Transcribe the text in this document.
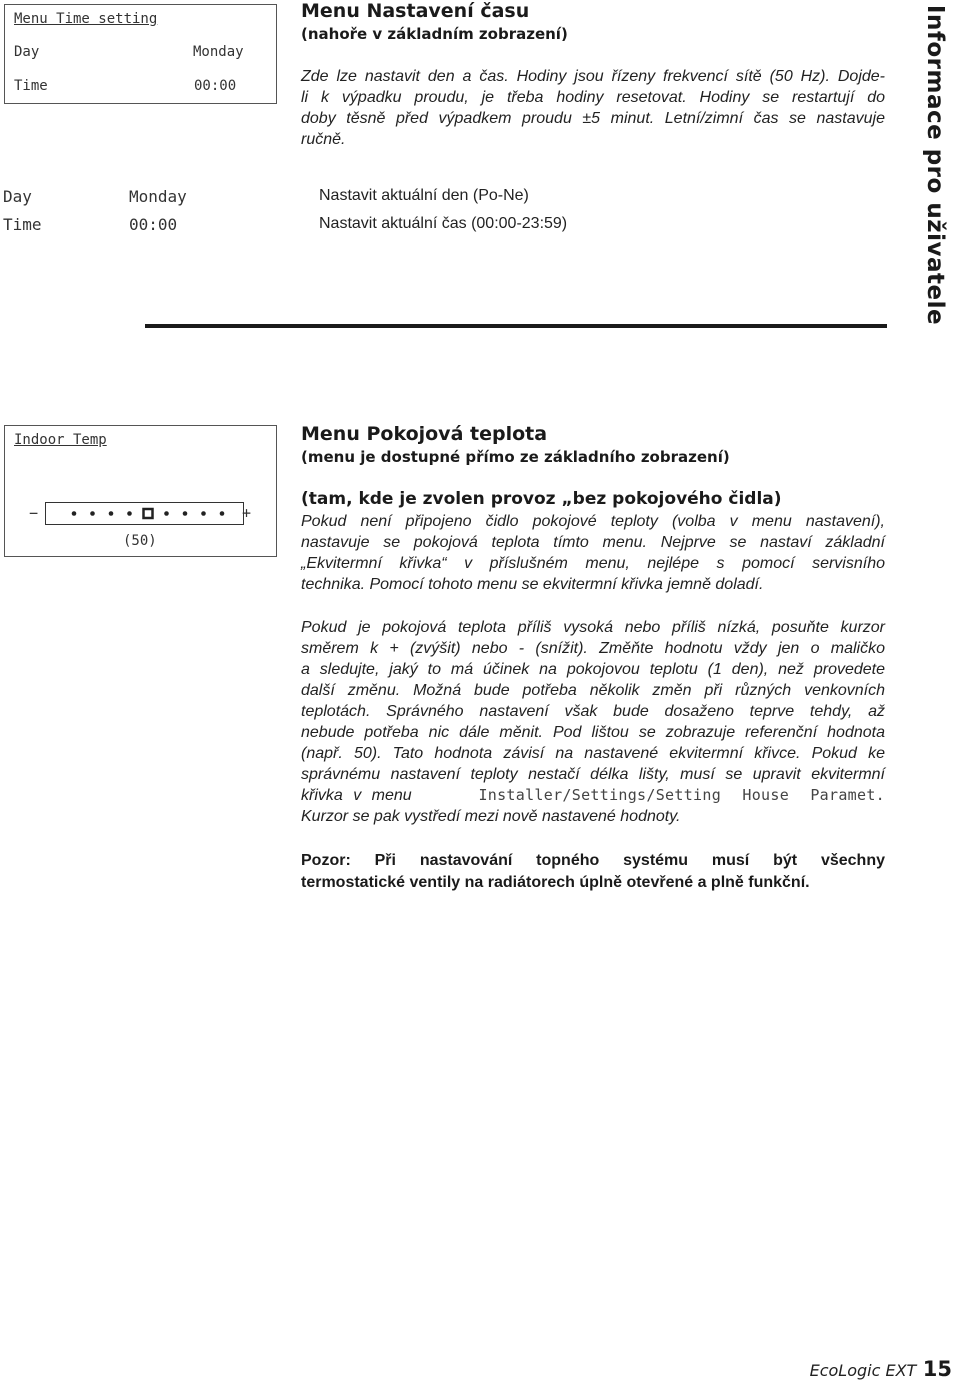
Menu Time setting
Day	Monday
Time	00:00
Menu Nastavení času
(nahoře v základním zobrazení)
Zde lze nastavit den a čas. Hodiny jsou řízeny frekvencí sítě (50 Hz). Dojde-
li k výpadku proudu, je třeba hodiny resetovat. Hodiny se restartují do
doby těsně před výpadkem proudu ±5 minut. Letní/zimní čas se nastavuje
ručně.
Day	Monday	Nastavit aktuální den (Po-Ne)
Time	00:00	Nastavit aktuální čas (00:00-23:59)	Informace pro uživatele
Indoor Temp
−	+
(50)
Menu Pokojová teplota
(menu je dostupné přímo ze základního zobrazení)
(tam, kde je zvolen provoz „bez pokojového čidla)
Pokud není připojeno čidlo pokojové teploty (volba v menu nastavení),
nastavuje se pokojová teplota tímto menu. Nejprve se nastaví základní
„Ekvitermní křivka“ v příslušném menu, nejlépe s pomocí servisního
technika. Pomocí tohoto menu se ekvitermní křivka jemně doladí.
Pokud je pokojová teplota příliš vysoká nebo příliš nízká, posuňte kurzor
směrem k + (zvýšit) nebo - (snížit). Změňte hodnotu vždy jen o maličko
a sledujte, jaký to má účinek na pokojovou teplotu (1 den), než provedete
další změnu. Možná bude potřeba několik změn při různých venkovních
teplotách. Správného nastavení však bude dosaženo teprve tehdy, až
nebude potřeba nic dále měnit. Pod lištou se zobrazuje referenční hodnota
(např. 50). Tato hodnota závisí na nastavené ekvitermní křivce. Pokud ke
správnému nastavení teploty nestačí délka lišty, musí se upravit ekvitermní
křivka v menu	Installer/Settings/Setting House Paramet.
Kurzor se pak vystředí mezi nově nastavené hodnoty.
Pozor: Při nastavování topného systému musí být všechny
termostatické ventily na radiátorech úplně otevřené a plně funkční.
EcoLogic EXT 15
